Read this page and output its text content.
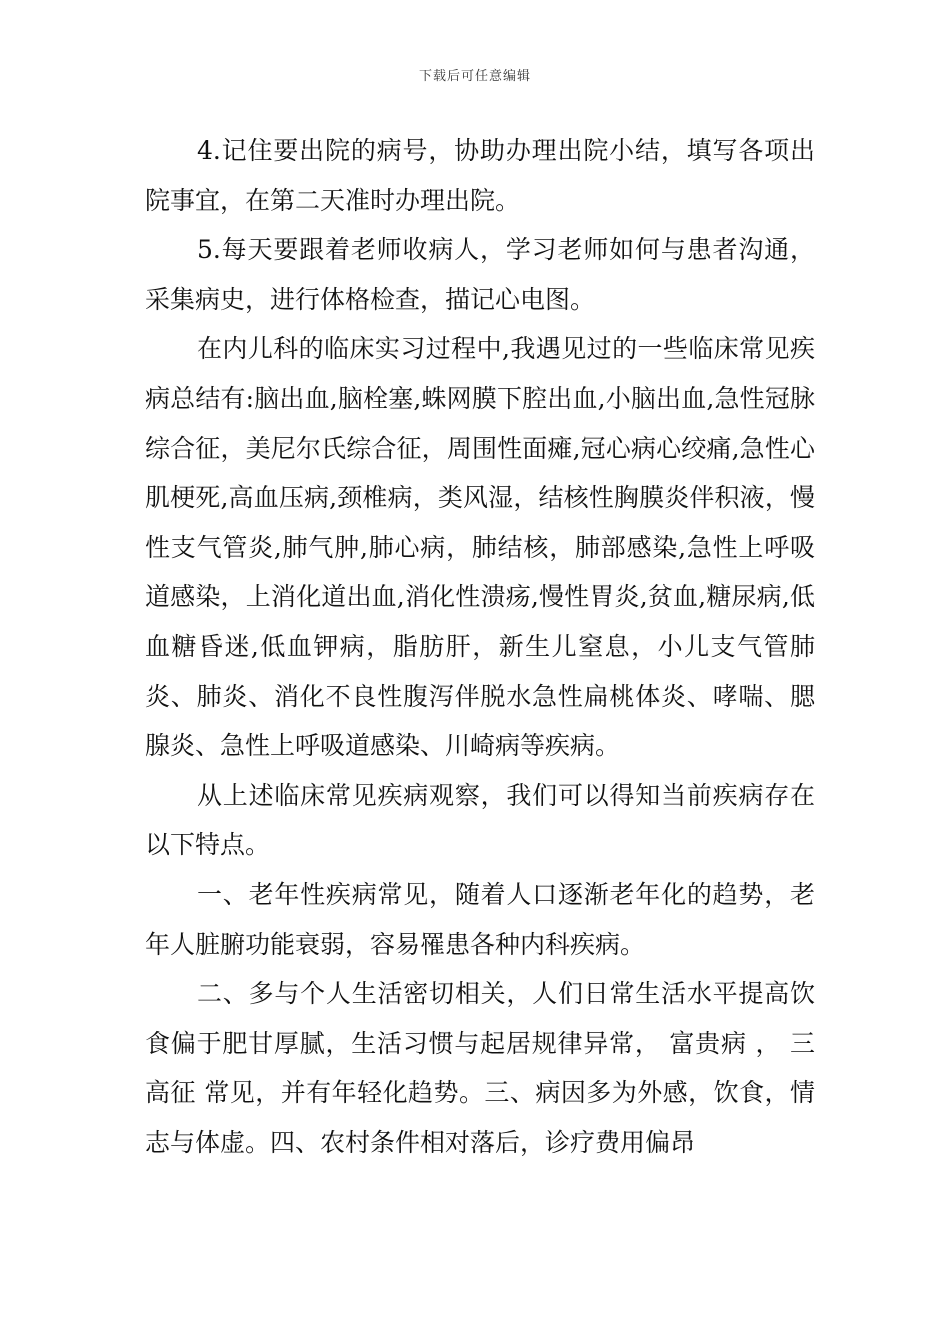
下载后可任意编辑

4.记住要出院的病号，协助办理出院小结，填写各项出院事宜，在第二天准时办理出院。

5.每天要跟着老师收病人，学习老师如何与患者沟通，采集病史，进行体格检查，描记心电图。

在内儿科的临床实习过程中,我遇见过的一些临床常见疾病总结有:脑出血,脑栓塞,蛛网膜下腔出血,小脑出血,急性冠脉综合征，美尼尔氏综合征，周围性面瘫,冠心病心绞痛,急性心肌梗死,高血压病,颈椎病，类风湿，结核性胸膜炎伴积液，慢性支气管炎,肺气肿,肺心病，肺结核，肺部感染,急性上呼吸道感染，上消化道出血,消化性溃疡,慢性胃炎,贫血,糖尿病,低血糖昏迷,低血钾病，脂肪肝，新生儿窒息，小儿支气管肺炎、肺炎、消化不良性腹泻伴脱水急性扁桃体炎、哮喘、腮腺炎、急性上呼吸道感染、川崎病等疾病。

从上述临床常见疾病观察，我们可以得知当前疾病存在以下特点。

一、老年性疾病常见，随着人口逐渐老年化的趋势，老年人脏腑功能衰弱，容易罹患各种内科疾病。

二、多与个人生活密切相关，人们日常生活水平提高饮食偏于肥甘厚腻，生活习惯与起居规律异常， 富贵病 ， 三高征 常见，并有年轻化趋势。三、病因多为外感，饮食，情志与体虚。四、农村条件相对落后，诊疗费用偏昂
